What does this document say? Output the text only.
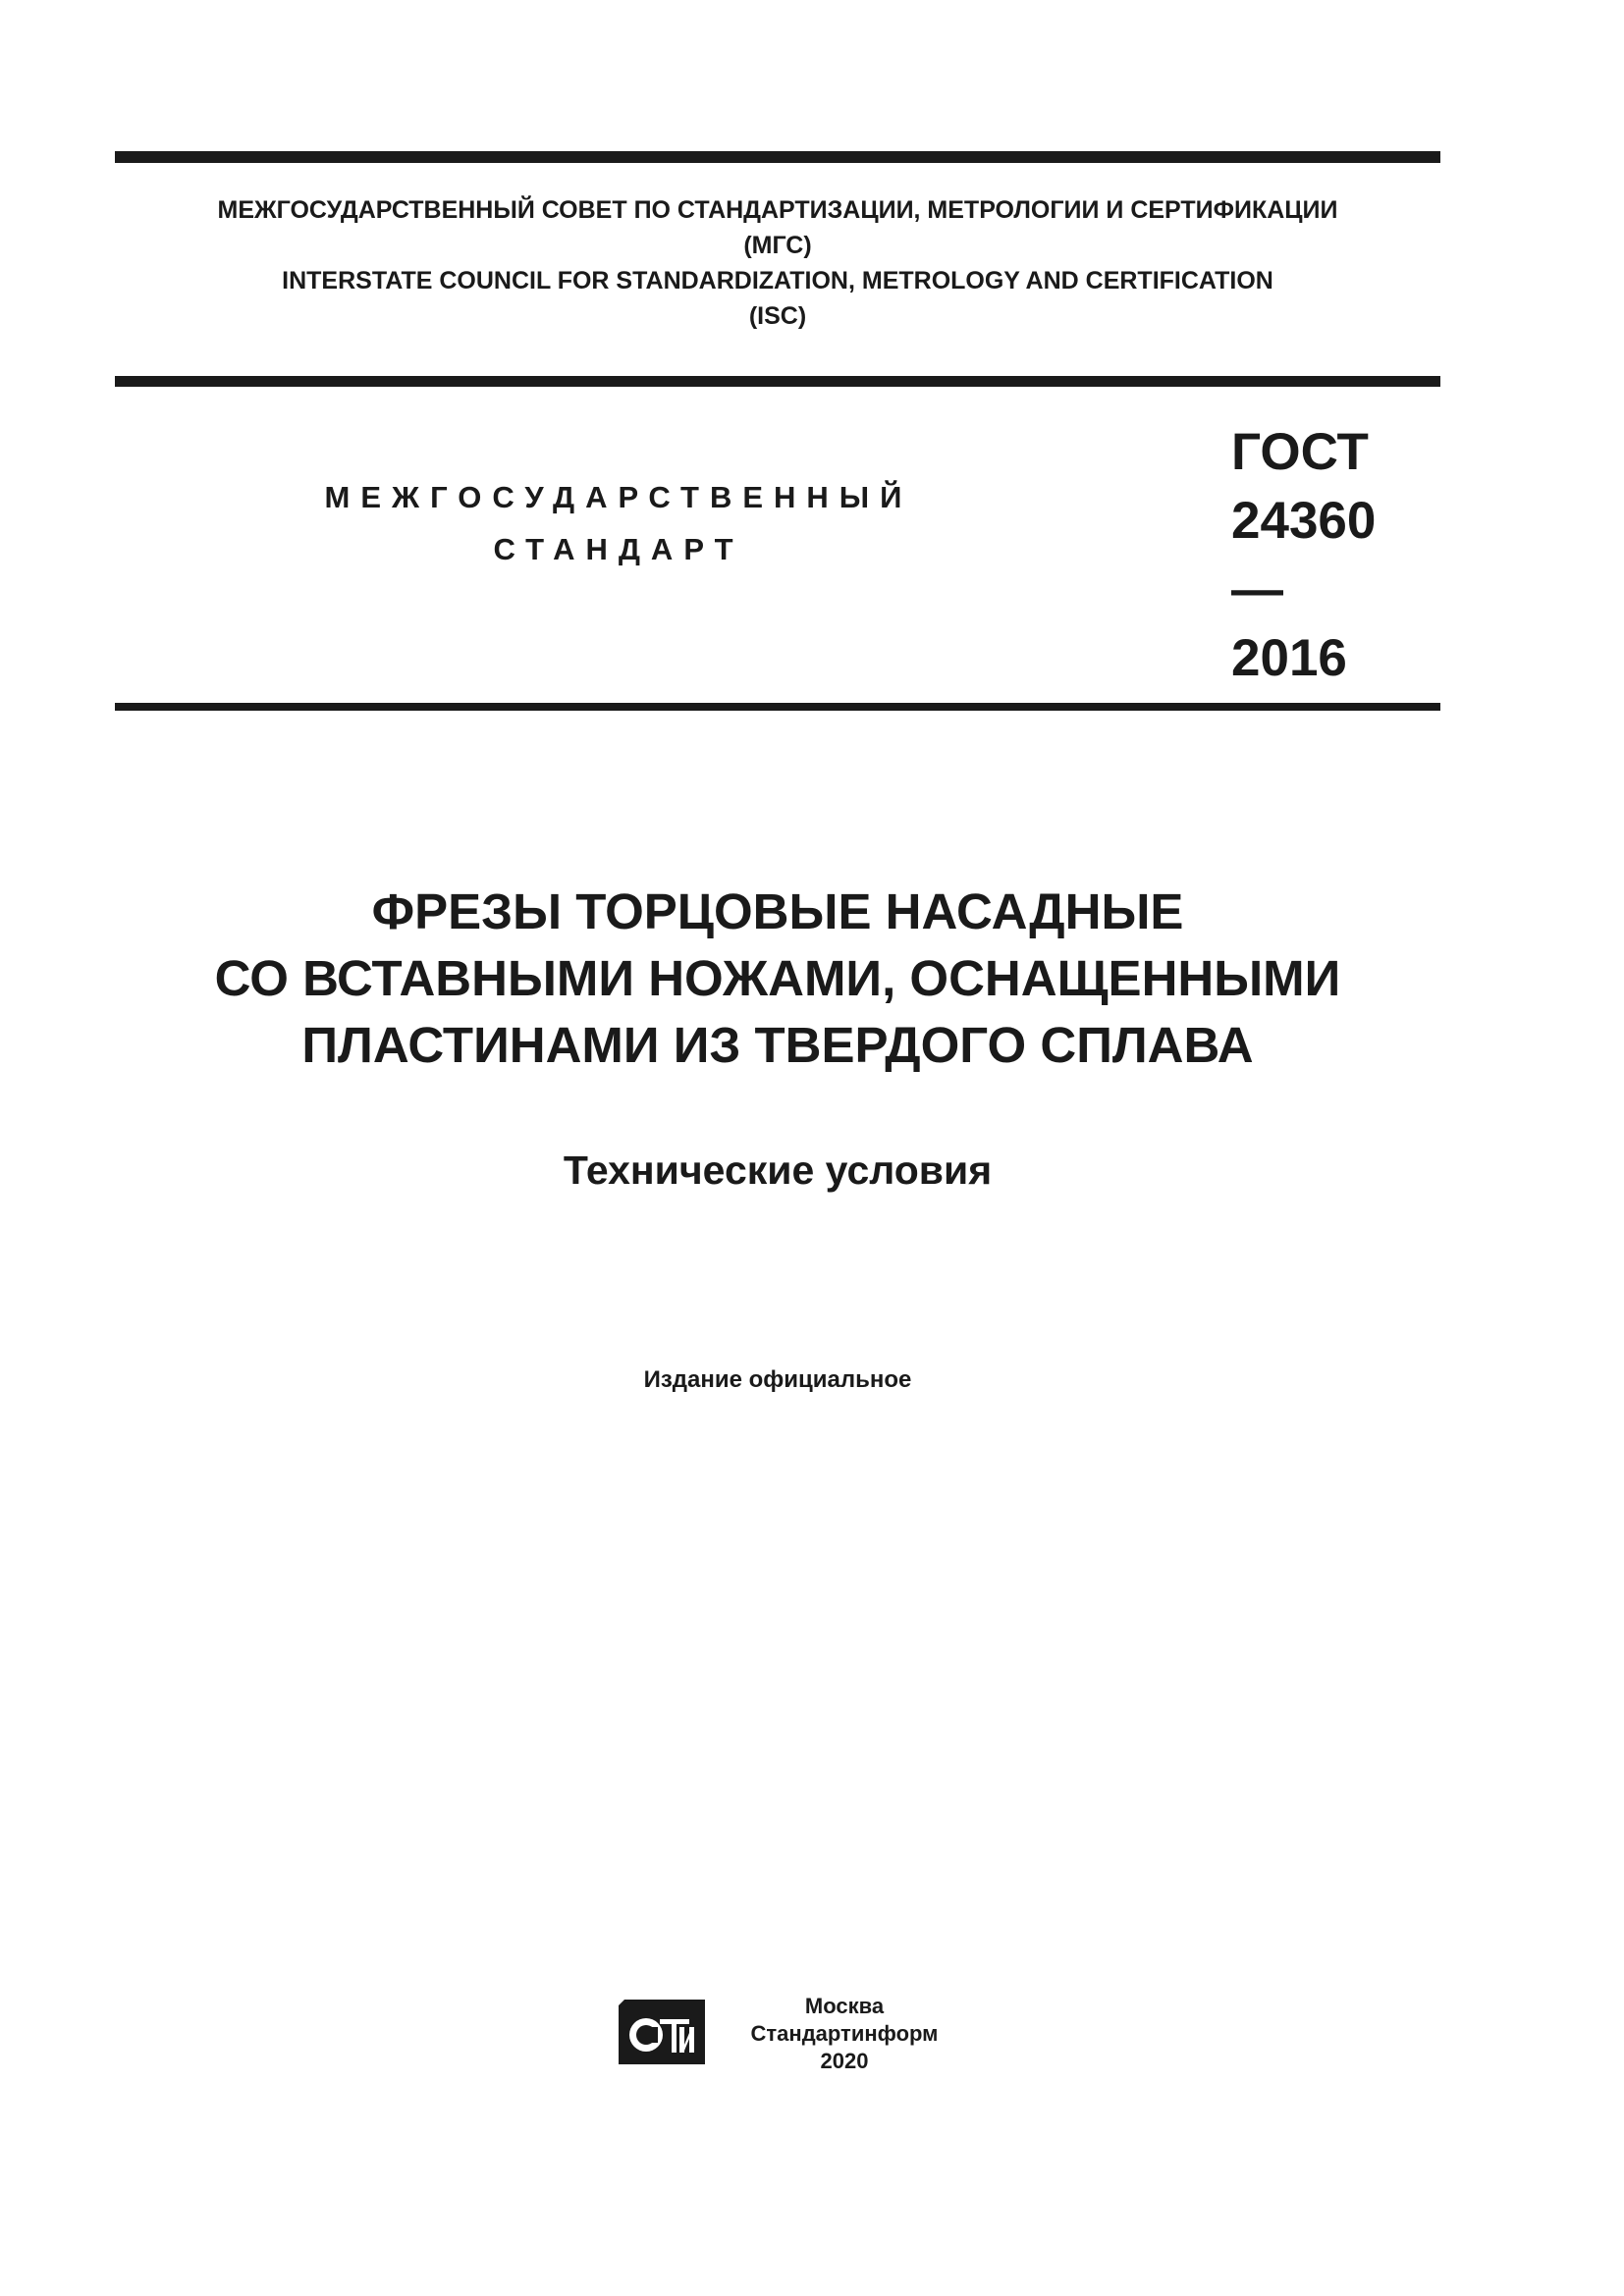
МЕЖГОСУДАРСТВЕННЫЙ СОВЕТ ПО СТАНДАРТИЗАЦИИ, МЕТРОЛОГИИ И СЕРТИФИКАЦИИ
(МГС)
INTERSTATE COUNCIL FOR STANDARDIZATION, METROLOGY AND CERTIFICATION
(ISC)
МЕЖГОСУДАРСТВЕННЫЙ
СТАНДАРТ
ГОСТ
24360—
2016
ФРЕЗЫ ТОРЦОВЫЕ НАСАДНЫЕ
СО ВСТАВНЫМИ НОЖАМИ, ОСНАЩЕННЫМИ
ПЛАСТИНАМИ ИЗ ТВЕРДОГО СПЛАВА
Технические условия
Издание официальное
Москва
Стандартинформ
2020
